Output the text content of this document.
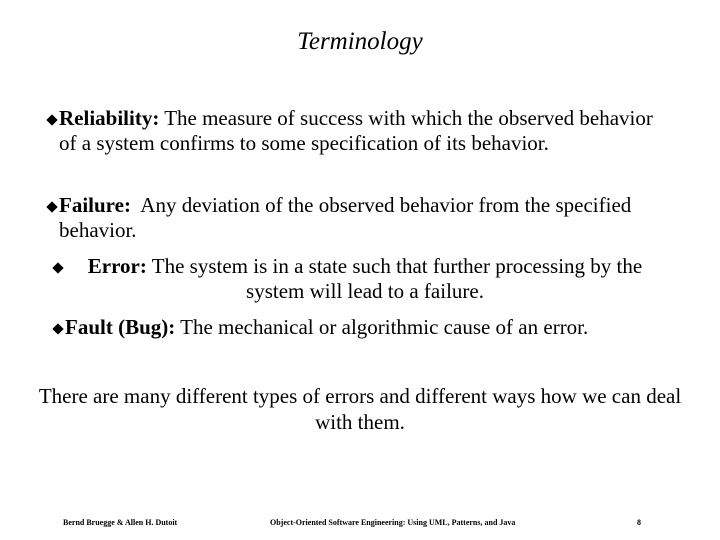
Terminology
Reliability: The measure of success with which the observed behavior of a system confirms to some specification of its behavior.
Failure:  Any deviation of the observed behavior from the specified behavior.
Error: The system is in a state such that further processing by the system will lead to a failure.
Fault (Bug): The mechanical or algorithmic cause of an error.
There are many different types of errors and different ways how we can deal with them.
Bernd Bruegge & Allen H. Dutoit	Object-Oriented Software Engineering: Using UML, Patterns, and Java	8
